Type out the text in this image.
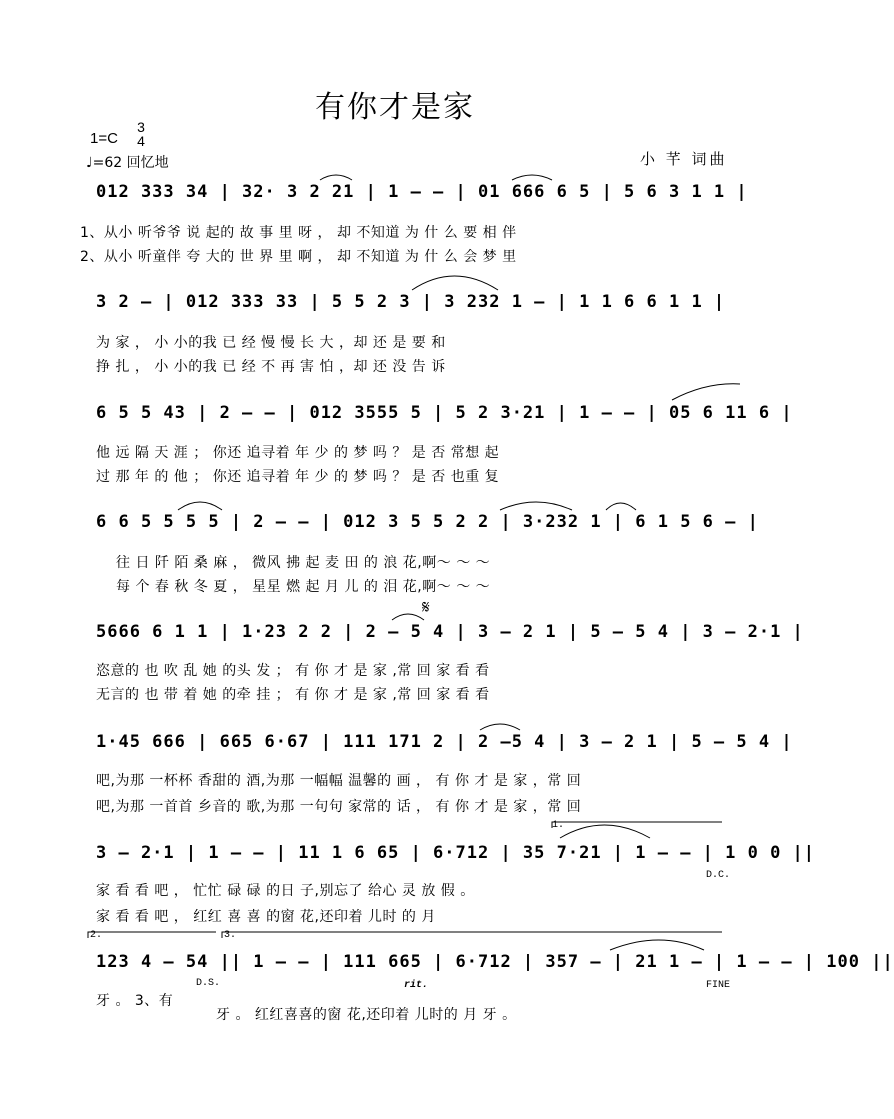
有你才是家
1=C
3
4
♩=62 回忆地	小 芊 词曲
012 333 34 | 32· 3 2 21 | 1 – – | 01 666 6 5 | 5 6 3 1 1 |
1、从小 听爷爷 说 起的 故 事 里 呀 ， 却 不知道 为 什 么 要 相 伴
2、从小 听童伴 夸 大的 世 界 里 啊 ， 却 不知道 为 什 么 会 梦 里
3 2 – | 012 333 33 | 5 5 2 3 | 3 232 1 – | 1 1 6 6 1 1 |
为 家 ， 小 小的我 已 经 慢 慢 长 大 ，却 还 是 要 和
挣 扎 ， 小 小的我 已 经 不 再 害 怕 ，却 还 没 告 诉
6 5 5 43 | 2 – – | 012 3555 5 | 5 2 3·21 | 1 – – | 05 6 11 6 |
他 远 隔 天 涯 ； 你还 追寻着 年 少 的 梦 吗 ？ 是 否 常想 起
过 那 年 的 他 ； 你还 追寻着 年 少 的 梦 吗 ？ 是 否 也重 复
6 6 5 5 5 5 | 2 – – | 012 3 5 5 2 2 | 3·232 1 | 6 1 5 6 – |
往 日 阡 陌 桑 麻 ， 微风 拂 起 麦 田 的 浪 花,啊～ ～ ～
每 个 春 秋 冬 夏 ， 星星 燃 起 月 儿 的 泪 花,啊～ ～ ～
5666 6 1 1 | 1·23 2 2 | 2 – 5 4 | 3 – 2 1 | 5 – 5 4 | 3 – 2·1 |
恣意的 也 吹 乱 她 的头 发 ； 有 你 才 是 家 ,常 回 家 看 看
无言的 也 带 着 她 的牵 挂 ； 有 你 才 是 家 ,常 回 家 看 看
1·45 666 | 665 6·67 | 111 171 2 | 2 –5 4 | 3 – 2 1 | 5 – 5 4 |
吧,为那 一杯杯 香甜的 酒,为那 一幅幅 温馨的 画 ， 有 你 才 是 家 ，常 回
吧,为那 一首首 乡音的 歌,为那 一句句 家常的 话 ， 有 你 才 是 家 ，常 回
3 – 2·1 | 1 – – | 11 1 6 65 | 6·712 | 35 7·21 | 1 – – | 1 0 0 ||
家 看 看 吧 ， 忙忙 碌 碌 的日 子,别忘了 给心 灵 放 假 。
家 看 看 吧 ， 红红 喜 喜 的窗 花,还印着 儿时 的 月
123 4 – 54 || 1 – – | 111 665 | 6·712 | 357 – | 21 1 – | 1 – – | 100 ||
牙 。 3、有
牙 。 红红喜喜的窗 花,还印着 儿时的 月 牙 。
D.C.
D.S.	FINE
rit.
1.
2.	3.
𝄋
